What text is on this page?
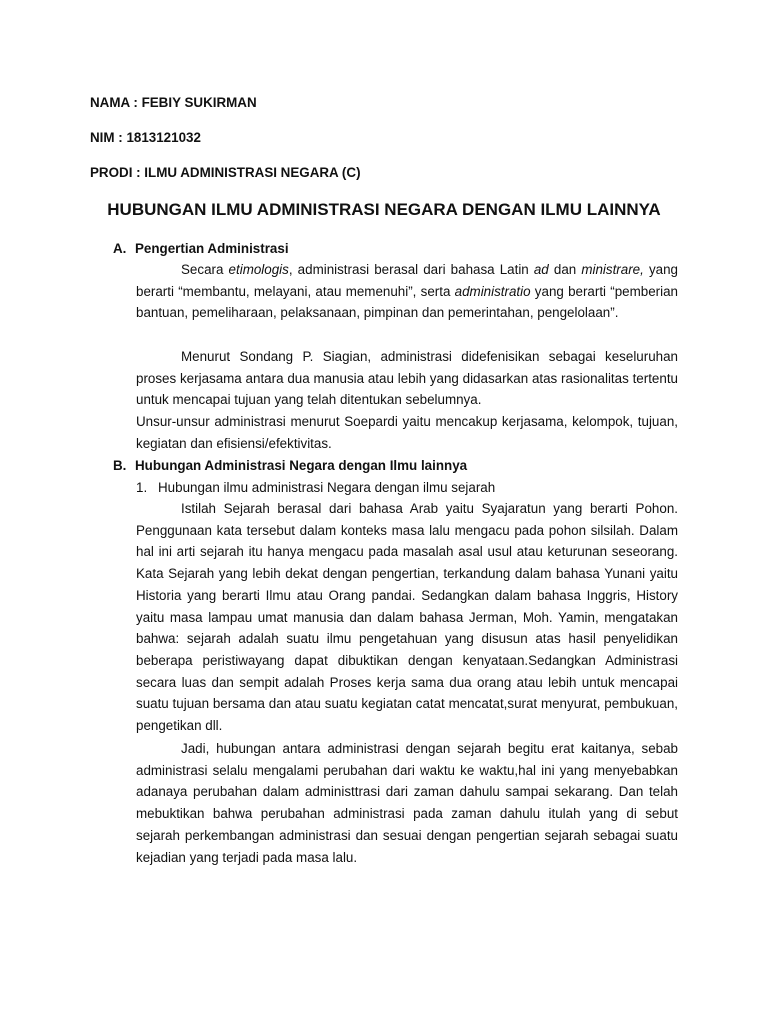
NAMA : FEBIY SUKIRMAN
NIM : 1813121032
PRODI : ILMU ADMINISTRASI NEGARA (C)
HUBUNGAN ILMU ADMINISTRASI NEGARA DENGAN ILMU LAINNYA
A. Pengertian Administrasi
Secara etimologis, administrasi berasal dari bahasa Latin ad dan ministrare, yang berarti “membantu, melayani, atau memenuhi”, serta administratio yang berarti “pemberian bantuan, pemeliharaan, pelaksanaan, pimpinan dan pemerintahan, pengelolaan”.
Menurut Sondang P. Siagian, administrasi didefenisikan sebagai keseluruhan proses kerjasama antara dua manusia atau lebih yang didasarkan atas rasionalitas tertentu untuk mencapai tujuan yang telah ditentukan sebelumnya.
Unsur-unsur administrasi menurut Soepardi yaitu mencakup kerjasama, kelompok, tujuan, kegiatan dan efisiensi/efektivitas.
B. Hubungan Administrasi Negara dengan Ilmu lainnya
1. Hubungan ilmu administrasi Negara dengan ilmu sejarah
Istilah Sejarah berasal dari bahasa Arab yaitu Syajaratun yang berarti Pohon. Penggunaan kata tersebut dalam konteks masa lalu mengacu pada pohon silsilah. Dalam hal ini arti sejarah itu hanya mengacu pada masalah asal usul atau keturunan seseorang. Kata Sejarah yang lebih dekat dengan pengertian, terkandung dalam bahasa Yunani yaitu Historia yang berarti Ilmu atau Orang pandai. Sedangkan dalam bahasa Inggris, History yaitu masa lampau umat manusia dan dalam bahasa Jerman, Moh. Yamin, mengatakan bahwa: sejarah adalah suatu ilmu pengetahuan yang disusun atas hasil penyelidikan beberapa peristiwayang dapat dibuktikan dengan kenyataan.Sedangkan Administrasi secara luas dan sempit adalah Proses kerja sama dua orang atau lebih untuk mencapai suatu tujuan bersama dan atau suatu kegiatan catat mencatat,surat menyurat, pembukuan, pengetikan dll.
Jadi, hubungan antara administrasi dengan sejarah begitu erat kaitanya, sebab administrasi selalu mengalami perubahan dari waktu ke waktu,hal ini yang menyebabkan adanaya perubahan dalam administtrasi dari zaman dahulu sampai sekarang. Dan telah mebuktikan bahwa perubahan administrasi pada zaman dahulu itulah yang di sebut sejarah perkembangan administrasi dan sesuai dengan pengertian sejarah sebagai suatu kejadian yang terjadi pada masa lalu.
